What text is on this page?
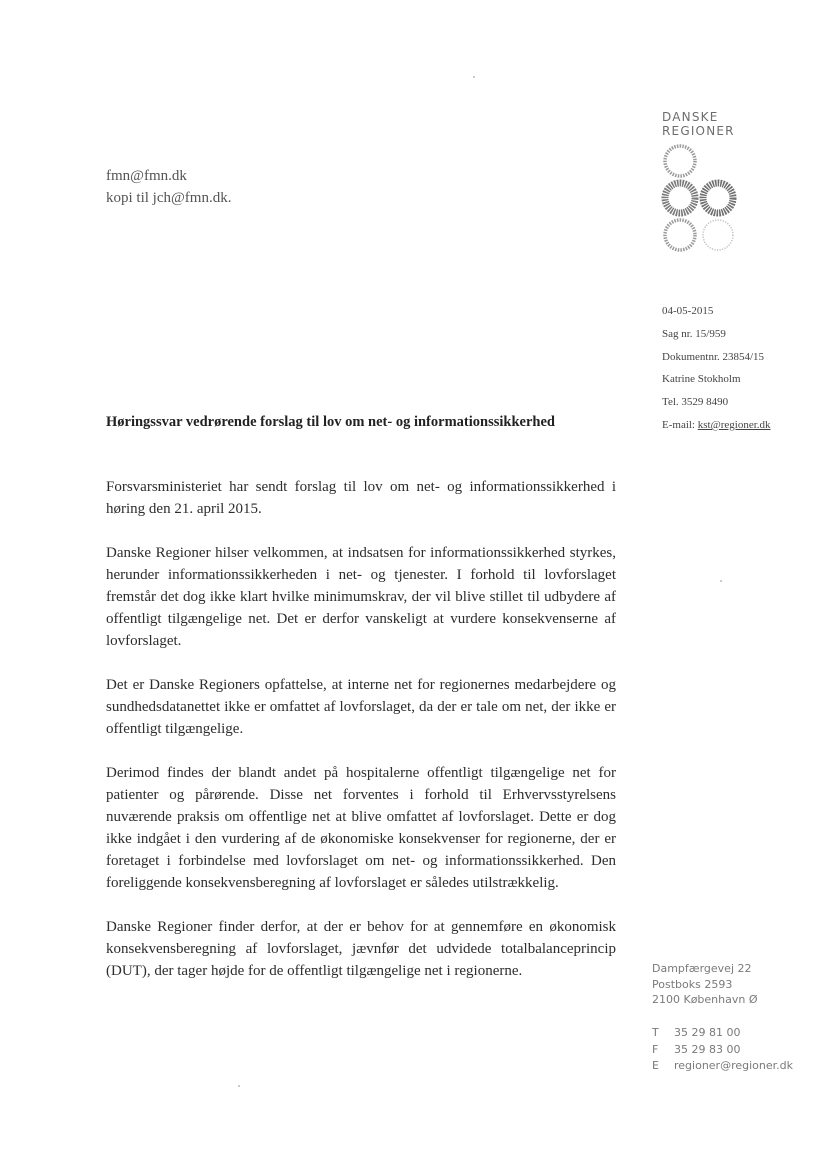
fmn@fmn.dk
kopi til jch@fmn.dk.
DANSKE
REGIONER
04-05-2015
Sag nr. 15/959
Dokumentnr. 23854/15
Katrine Stokholm
Tel. 3529 8490
E-mail: kst@regioner.dk
Høringssvar vedrørende forslag til lov om net- og informationssikkerhed

Forsvarsministeriet har sendt forslag til lov om net- og informationssikkerhed i høring den 21. april 2015.

Danske Regioner hilser velkommen, at indsatsen for informationssikkerhed styrkes, herunder informationssikkerheden i net- og tjenester. I forhold til lovforslaget fremstår det dog ikke klart hvilke minimumskrav, der vil blive stillet til udbydere af offentligt tilgængelige net. Det er derfor vanskeligt at vurdere konsekvenserne af lovforslaget.

Det er Danske Regioners opfattelse, at interne net for regionernes medarbejdere og sundhedsdatanettet ikke er omfattet af lovforslaget, da der er tale om net, der ikke er offentligt tilgængelige.

Derimod findes der blandt andet på hospitalerne offentligt tilgængelige net for patienter og pårørende. Disse net forventes i forhold til Erhvervsstyrelsens nuværende praksis om offentlige net at blive omfattet af lovforslaget. Dette er dog ikke indgået i den vurdering af de økonomiske konsekvenser for regionerne, der er foretaget i forbindelse med lovforslaget om net- og informationssikkerhed. Den foreliggende konsekvensberegning af lovforslaget er således utilstrækkelig.

Danske Regioner finder derfor, at der er behov for at gennemføre en økonomisk konsekvensberegning af lovforslaget, jævnfør det udvidede totalbalanceprincip (DUT), der tager højde for de offentligt tilgængelige net i regionerne.	Dampfærgevej 22
Postboks 2593
2100 København Ø
T 35 29 81 00
F 35 29 83 00
E regioner@regioner.dk
